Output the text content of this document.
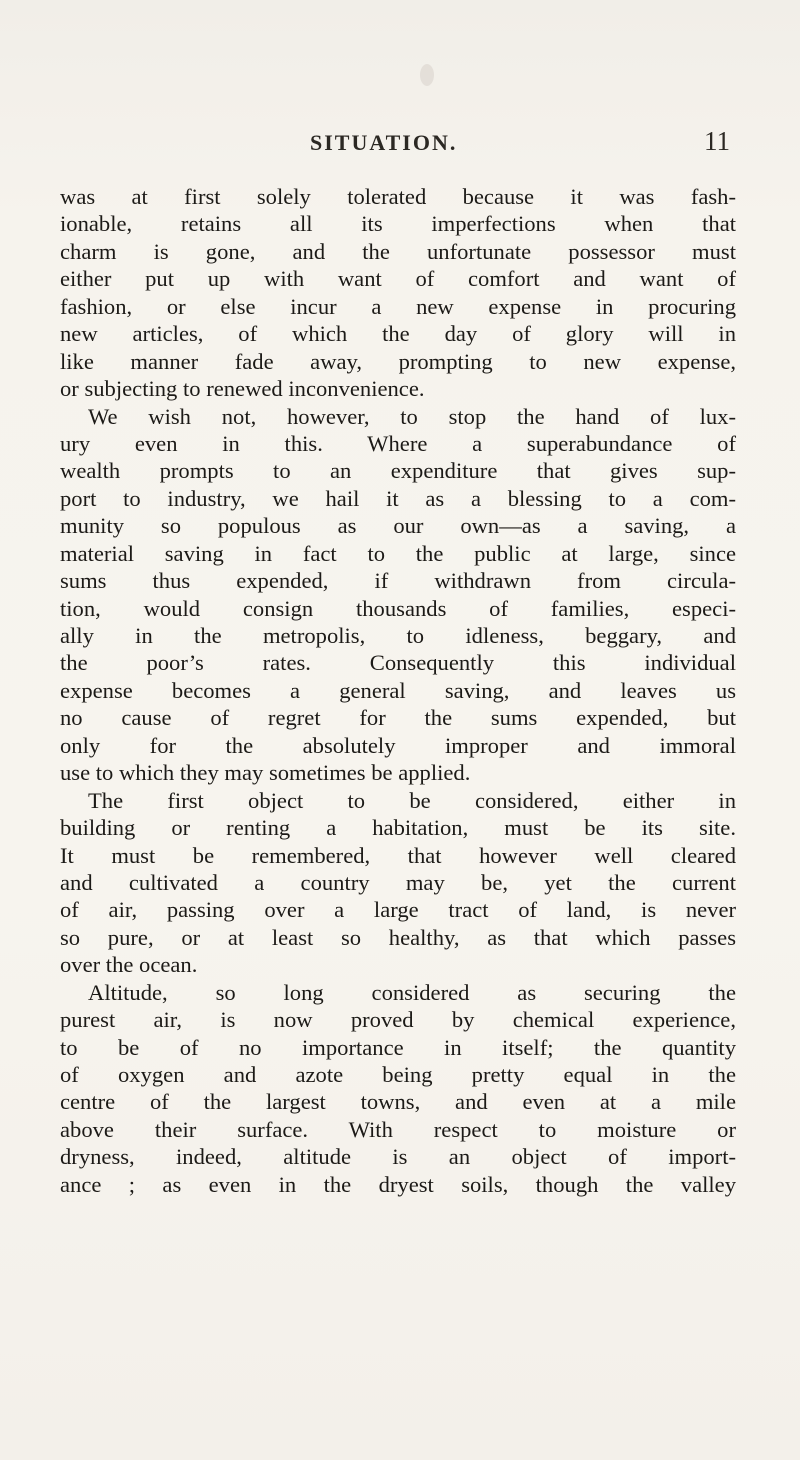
SITUATION.	11
was at first solely tolerated because it was fash-
ionable, retains all its imperfections when that
charm is gone, and the unfortunate possessor must
either put up with want of comfort and want of
fashion, or else incur a new expense in procuring
new articles, of which the day of glory will in
like manner fade away, prompting to new expense,
or subjecting to renewed inconvenience.
We wish not, however, to stop the hand of lux-
ury even in this. Where a superabundance of
wealth prompts to an expenditure that gives sup-
port to industry, we hail it as a blessing to a com-
munity so populous as our own—as a saving, a
material saving in fact to the public at large, since
sums thus expended, if withdrawn from circula-
tion, would consign thousands of families, especi-
ally in the metropolis, to idleness, beggary, and
the poor’s rates. Consequently this individual
expense becomes a general saving, and leaves us
no cause of regret for the sums expended, but
only for the absolutely improper and immoral
use to which they may sometimes be applied.
The first object to be considered, either in
building or renting a habitation, must be its site.
It must be remembered, that however well cleared
and cultivated a country may be, yet the current
of air, passing over a large tract of land, is never
so pure, or at least so healthy, as that which passes
over the ocean.
Altitude, so long considered as securing the
purest air, is now proved by chemical experience,
to be of no importance in itself; the quantity
of oxygen and azote being pretty equal in the
centre of the largest towns, and even at a mile
above their surface. With respect to moisture or
dryness, indeed, altitude is an object of import-
ance ; as even in the dryest soils, though the valley
